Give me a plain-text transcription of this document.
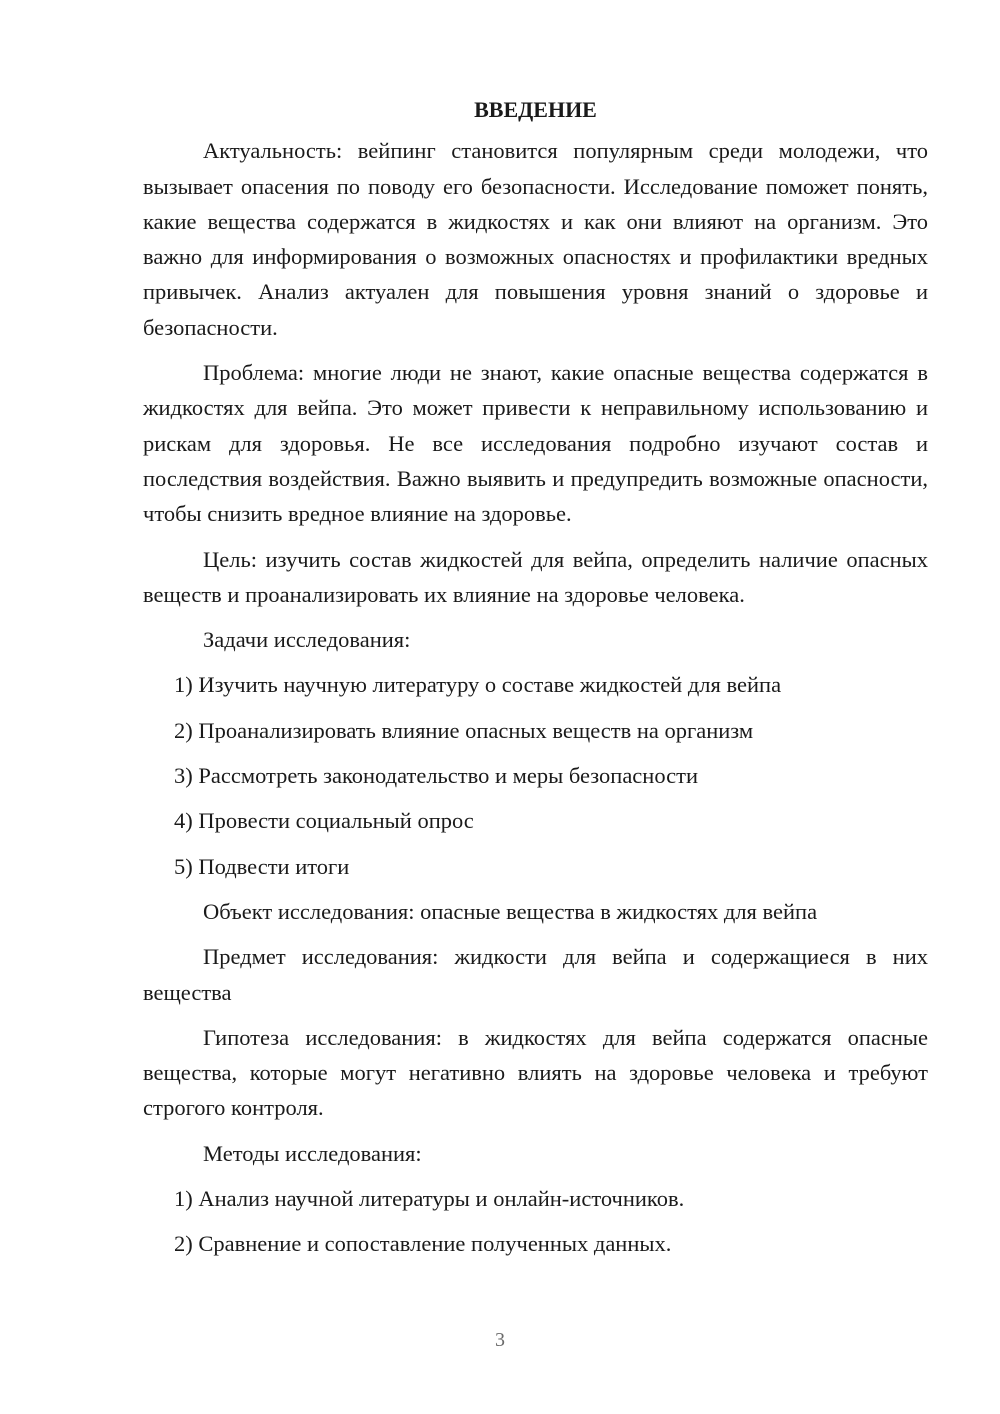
ВВЕДЕНИЕ

Актуальность: вейпинг становится популярным среди молодежи, что вызывает опасения по поводу его безопасности. Исследование поможет понять, какие вещества содержатся в жидкостях и как они влияют на организм. Это важно для информирования о возможных опасностях и профилактики вредных привычек. Анализ актуален для повышения уровня знаний о здоровье и безопасности.

Проблема: многие люди не знают, какие опасные вещества содержатся в жидкостях для вейпа. Это может привести к неправильному использованию и рискам для здоровья. Не все исследования подробно изучают состав и последствия воздействия. Важно выявить и предупредить возможные опасности, чтобы снизить вредное влияние на здоровье.

Цель: изучить состав жидкостей для вейпа, определить наличие опасных веществ и проанализировать их влияние на здоровье человека.

Задачи исследования:
1) Изучить научную литературу о составе жидкостей для вейпа
2) Проанализировать влияние опасных веществ на организм
3) Рассмотреть законодательство и меры безопасности
4) Провести социальный опрос
5) Подвести итоги
Объект исследования: опасные вещества в жидкостях для вейпа

Предмет исследования: жидкости для вейпа и содержащиеся в них вещества

Гипотеза исследования: в жидкостях для вейпа содержатся опасные вещества, которые могут негативно влиять на здоровье человека и требуют строгого контроля.

Методы исследования:
1) Анализ научной литературы и онлайн-источников.
2) Сравнение и сопоставление полученных данных.
3
